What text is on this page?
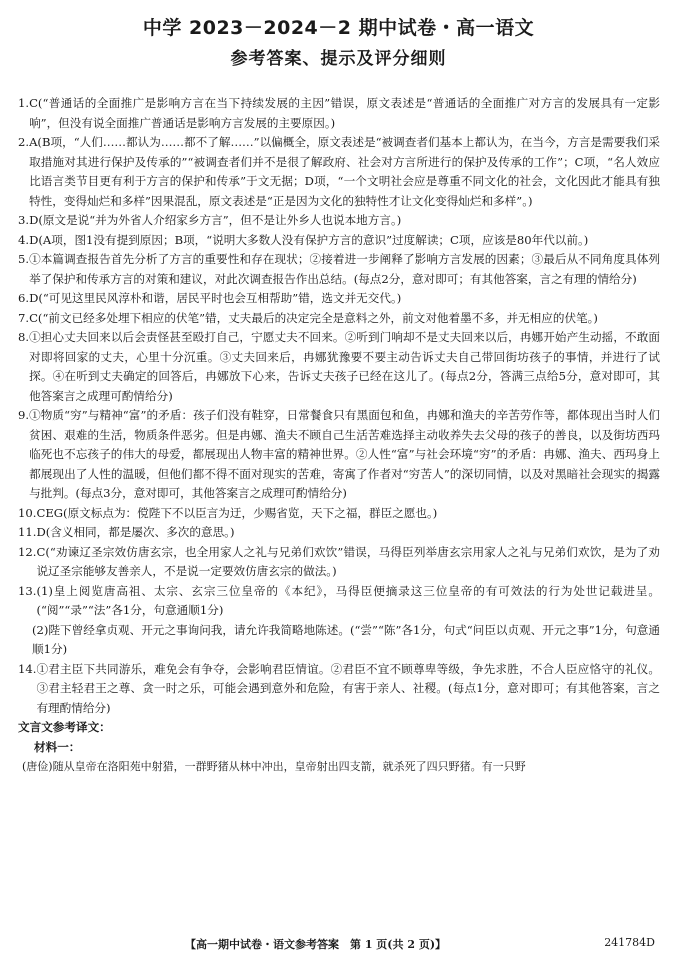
中学 2023－2024－2 期中试卷・高一语文
参考答案、提示及评分细则
1. C(“普通话的全面推广是影响方言在当下持续发展的主因”错误，原文表述是“普通话的全面推广对方言的发展具有一定影响”，但没有说全面推广普通话是影响方言发展的主要原因。)
2. A(B项，“人们……都认为……都不了解……”以偏概全，原文表述是“被调查者们基本上都认为，在当今，方言是需要我们采取措施对其进行保护及传承的”“被调查者们并不是很了解政府、社会对方言所进行的保护及传承的工作”；C项，“名人效应比语言类节目更有利于方言的保护和传承”于文无据；D项，“一个文明社会应是尊重不同文化的社会，文化因此才能具有独特性，变得灿烂和多样”因果混乱，原文表述是“正是因为文化的独特性才让文化变得灿烂和多样”。)
3. D(原文是说“并为外省人介绍家乡方言”，但不是让外乡人也说本地方言。)
4. D(A项，图1没有提到原因；B项，“说明大多数人没有保护方言的意识”过度解读；C项，应该是80年代以前。)
5. ①本篇调查报告首先分析了方言的重要性和存在现状；②接着进一步阐释了影响方言发展的因素；③最后从不同角度具体列举了保护和传承方言的对策和建议，对此次调查报告作出总结。(每点2分，意对即可；有其他答案，言之有理的情给分)
6. D(“可见这里民风淳朴和谐，居民平时也会互相帮助”错，选文并无交代。)
7. C(“前文已经多处埋下相应的伏笔”错，丈夫最后的决定完全是意料之外，前文对他着墨不多，并无相应的伏笔。)
8. ①担心丈夫回来以后会责怪甚至殴打自己，宁愿丈夫不回来。②听到门响却不是丈夫回来以后，冉娜开始产生动摇，不敢面对即将回家的丈夫，心里十分沉重。③丈夫回来后，冉娜犹豫要不要主动告诉丈夫自己带回街坊孩子的事情，并进行了试探。④在听到丈夫确定的回答后，冉娜放下心来，告诉丈夫孩子已经在这儿了。(每点2分，答满三点给5分，意对即可，其他答案言之成理可酌情给分)
9. ①物质“穷”与精神“富”的矛盾：孩子们没有鞋穿，日常餐食只有黑面包和鱼，冉娜和渔夫的辛苦劳作等，都体现出当时人们贫困、艰难的生活，物质条件恶劣。但是冉娜、渔夫不顾自己生活苦难选择主动收养失去父母的孩子的善良，以及街坊西玛临死也不忘孩子的伟大的母爱，都展现出人物丰富的精神世界。②人性“富”与社会环境“穷”的矛盾：冉娜、渔夫、西玛身上都展现出了人性的温暖，但他们都不得不面对现实的苦难，寄寓了作者对“穷苦人”的深切同情，以及对黑暗社会现实的揭露与批判。(每点3分，意对即可，其他答案言之成理可酌情给分)
10. CEG(原文标点为：傥陛下不以臣言为迂，少赐省览，天下之福，群臣之愿也。)
11. D(含义相同，都是屡次、多次的意思。)
12. C(“劝谏辽圣宗效仿唐玄宗，也全用家人之礼与兄弟们欢饮”错误，马得臣列举唐玄宗用家人之礼与兄弟们欢饮，是为了劝说辽圣宗能够友善亲人，不是说一定要效仿唐玄宗的做法。)
13. (1)皇上阅览唐高祖、太宗、玄宗三位皇帝的《本纪》，马得臣便摘录这三位皇帝的有可效法的行为处世记载进呈。(“阅”“录”“法”各1分，句意通顺1分)
(2)陛下曾经拿贞观、开元之事询问我，请允许我简略地陈述。(“尝”“陈”各1分，句式“问臣以贞观、开元之事”1分，句意通顺1分)
14. ①君主臣下共同游乐，难免会有争夺，会影响君臣情谊。②君臣不宜不顾尊卑等级，争先求胜，不合人臣应恪守的礼仪。③君主轻君王之尊、贪一时之乐，可能会遇到意外和危险，有害于亲人、社稷。(每点1分，意对即可；有其他答案，言之有理酌情给分)
文言文参考译文：
材料一：
(唐俭)随从皇帝在洛阳苑中射猎，一群野猪从林中冲出，皇帝射出四支箭，就杀死了四只野猪。有一只野
【高一期中试卷・语文参考答案　第 1 页(共 2 页)】	241784D
